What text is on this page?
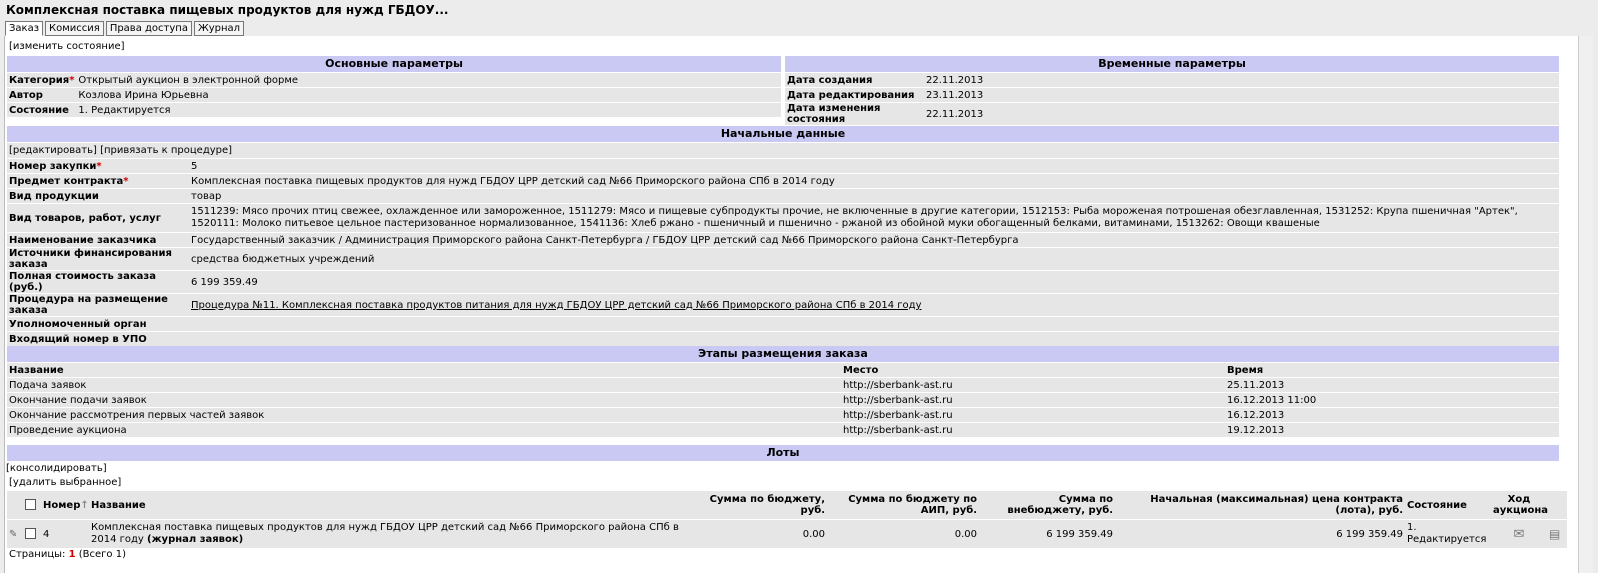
Комплексная поставка пищевых продуктов для нужд ГБДОУ...
Заказ	Комиссия	Права доступа	Журнал
[изменить состояние]
Основные параметры
Категория*	Открытый аукцион в электронной форме
Автор	Козлова Ирина Юрьевна
Состояние	1. Редактируется
Временные параметры
Дата создания	22.11.2013
Дата редактирования	23.11.2013
Дата изменения состояния	22.11.2013
Начальные данные
[редактировать] [привязать к процедуре]
Номер закупки*	5
Предмет контракта*	Комплексная поставка пищевых продуктов для нужд ГБДОУ ЦРР детский сад №66 Приморского района СПб в 2014 году
Вид продукции	товар
Вид товаров, работ, услуг	1511239: Мясо прочих птиц свежее, охлажденное или замороженное, 1511279: Мясо и пищевые субпродукты прочие, не включенные в другие категории, 1512153: Рыба мороженая потрошеная обезглавленная, 1531252: Крупа пшеничная "Артек", 1520111: Молоко питьевое цельное пастеризованное нормализованное, 1541136: Хлеб ржано - пшеничный и пшенично - ржаной из обойной муки обогащенный белками, витаминами, 1513262: Овощи квашеные
Наименование заказчика	Государственный заказчик / Администрация Приморского района Санкт-Петербурга / ГБДОУ ЦРР детский сад №66 Приморского района Санкт-Петербурга
Источники финансирования заказа	средства бюджетных учреждений
Полная стоимость заказа (руб.)	6 199 359.49
Процедура на размещение заказа	Процедура №11. Комплексная поставка продуктов питания для нужд ГБДОУ ЦРР детский сад №66 Приморского района СПб в 2014 году
Уполномоченный орган	
Входящий номер в УПО	

Этапы размещения заказа
Название	Место	Время
Подача заявок	http://sberbank-ast.ru	25.11.2013
Окончание подачи заявок	http://sberbank-ast.ru	16.12.2013 11:00
Окончание рассмотрения первых частей заявок	http://sberbank-ast.ru	16.12.2013
Проведение аукциона	http://sberbank-ast.ru	19.12.2013
Лоты
[консолидировать]
[удалить выбранное]
		Номер↑	Название	Сумма по бюджету, руб.	Сумма по бюджету по АИП, руб.	Сумма по внебюджету, руб.	Начальная (максимальная) цена контракта (лота), руб.	Состояние	Ход аукциона	
✎		4	Комплексная поставка пищевых продуктов для нужд ГБДОУ ЦРР детский сад №66 Приморского района СПб в 2014 году (журнал заявок)	0.00	0.00	6 199 359.49	6 199 359.49	1. Редактируется	✉	▤
Страницы: 1 (Всего 1)
